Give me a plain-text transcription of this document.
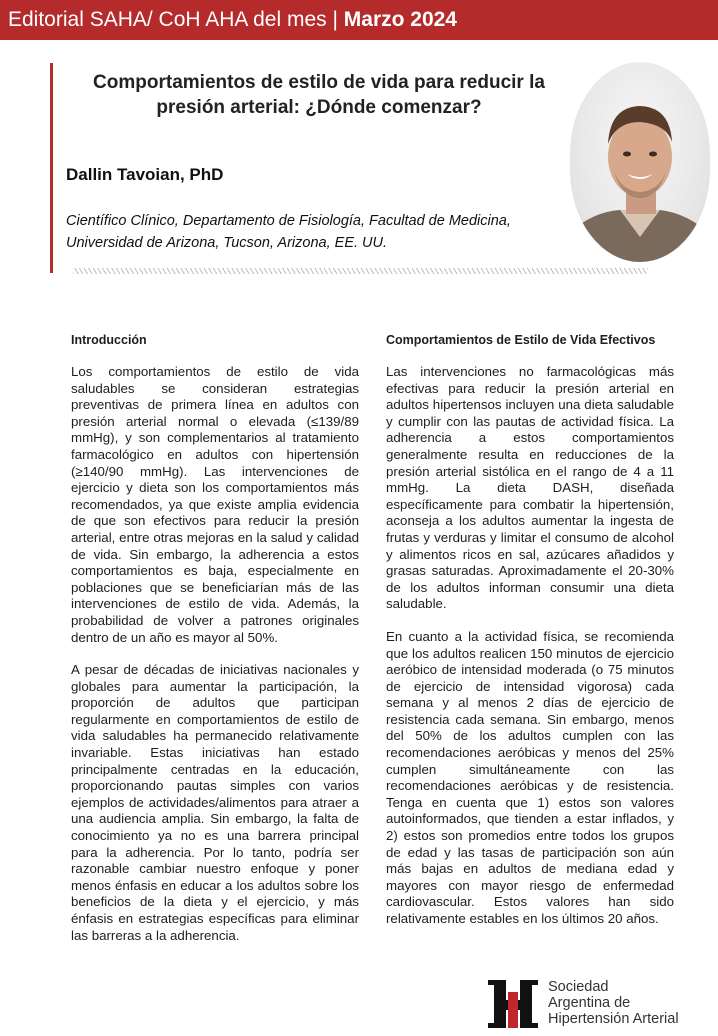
Editorial SAHA/ CoH AHA del mes | Marzo 2024
Comportamientos de estilo de vida para reducir la presión arterial: ¿Dónde comenzar?
Dallin Tavoian, PhD
Científico Clínico, Departamento de Fisiología, Facultad de Medicina, Universidad de Arizona, Tucson, Arizona, EE. UU.
Introducción

Los comportamientos de estilo de vida saludables se consideran estrategias preventivas de primera línea en adultos con presión arterial normal o elevada (≤139/89 mmHg), y son complementarios al tratamiento farmacológico en adultos con hipertensión (≥140/90 mmHg). Las intervenciones de ejercicio y dieta son los comportamientos más recomendados, ya que existe amplia evidencia de que son efectivos para reducir la presión arterial, entre otras mejoras en la salud y calidad de vida. Sin embargo, la adherencia a estos comportamientos es baja, especialmente en poblaciones que se beneficiarían más de las intervenciones de estilo de vida. Además, la probabilidad de volver a patrones originales dentro de un año es mayor al 50%.

A pesar de décadas de iniciativas nacionales y globales para aumentar la participación, la proporción de adultos que participan regularmente en comportamientos de estilo de vida saludables ha permanecido relativamente invariable. Estas iniciativas han estado principalmente centradas en la educación, proporcionando pautas simples con varios ejemplos de actividades/alimentos para atraer a una audiencia amplia. Sin embargo, la falta de conocimiento ya no es una barrera principal para la adherencia. Por lo tanto, podría ser razonable cambiar nuestro enfoque y poner menos énfasis en educar a los adultos sobre los beneficios de la dieta y el ejercicio, y más énfasis en estrategias específicas para eliminar las barreras a la adherencia.

Comportamientos de Estilo de Vida Efectivos

Las intervenciones no farmacológicas más efectivas para reducir la presión arterial en adultos hipertensos incluyen una dieta saludable y cumplir con las pautas de actividad física. La adherencia a estos comportamientos generalmente resulta en reducciones de la presión arterial sistólica en el rango de 4 a 11 mmHg. La dieta DASH, diseñada específicamente para combatir la hipertensión, aconseja a los adultos aumentar la ingesta de frutas y verduras y limitar el consumo de alcohol y alimentos ricos en sal, azúcares añadidos y grasas saturadas. Aproximadamente el 20-30% de los adultos informan consumir una dieta saludable.

En cuanto a la actividad física, se recomienda que los adultos realicen 150 minutos de ejercicio aeróbico de intensidad moderada (o 75 minutos de ejercicio de intensidad vigorosa) cada semana y al menos 2 días de ejercicio de resistencia cada semana. Sin embargo, menos del 50% de los adultos cumplen con las recomendaciones aeróbicas y menos del 25% cumplen simultáneamente con las recomendaciones aeróbicas y de resistencia. Tenga en cuenta que 1) estos son valores autoinformados, que tienden a estar inflados, y 2) estos son promedios entre todos los grupos de edad y las tasas de participación son aún más bajas en adultos de mediana edad y mayores con mayor riesgo de enfermedad cardiovascular. Estos valores han sido relativamente estables en los últimos 20 años.

Sociedad
Argentina de
Hipertensión Arterial
